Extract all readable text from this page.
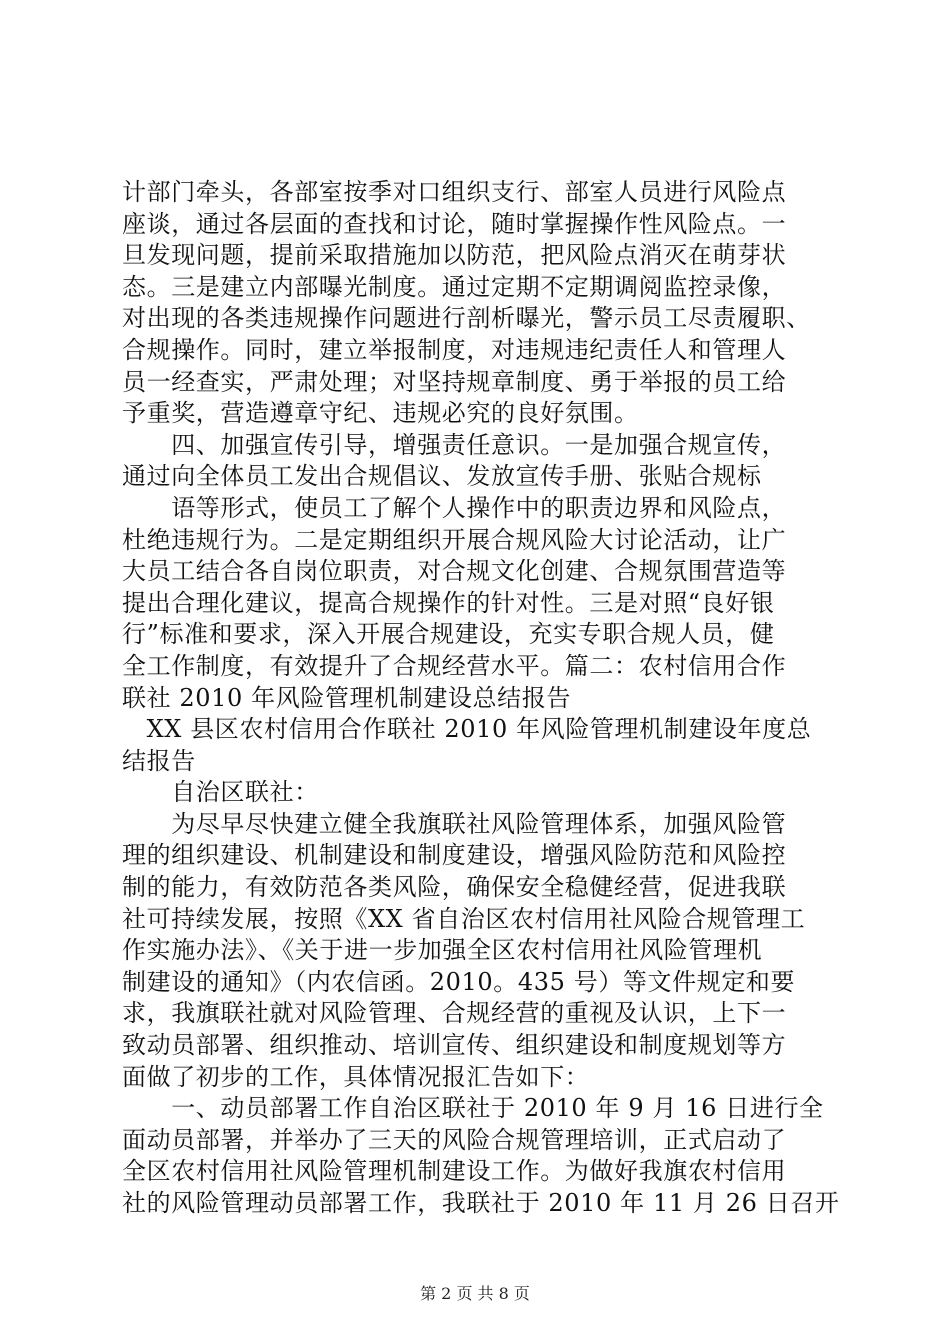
计部门牵头，各部室按季对口组织支行、部室人员进行风险点
座谈，通过各层面的查找和讨论，随时掌握操作性风险点。一
旦发现问题，提前采取措施加以防范，把风险点消灭在萌芽状
态。三是建立内部曝光制度。通过定期不定期调阅监控录像，
对出现的各类违规操作问题进行剖析曝光，警示员工尽责履职、
合规操作。同时，建立举报制度，对违规违纪责任人和管理人
员一经查实，严肃处理；对坚持规章制度、勇于举报的员工给
予重奖，营造遵章守纪、违规必究的良好氛围。
　　四、加强宣传引导，增强责任意识。一是加强合规宣传，
通过向全体员工发出合规倡议、发放宣传手册、张贴合规标
　　语等形式，使员工了解个人操作中的职责边界和风险点，
杜绝违规行为。二是定期组织开展合规风险大讨论活动，让广
大员工结合各自岗位职责，对合规文化创建、合规氛围营造等
提出合理化建议，提高合规操作的针对性。三是对照“良好银
行”标准和要求，深入开展合规建设，充实专职合规人员，健
全工作制度，有效提升了合规经营水平。篇二：农村信用合作
联社 2010 年风险管理机制建设总结报告
　XX 县区农村信用合作联社 2010 年风险管理机制建设年度总
结报告
　　自治区联社：
　　为尽早尽快建立健全我旗联社风险管理体系，加强风险管
理的组织建设、机制建设和制度建设，增强风险防范和风险控
制的能力，有效防范各类风险，确保安全稳健经营，促进我联
社可持续发展，按照《XX 省自治区农村信用社风险合规管理工
作实施办法》、《关于进一步加强全区农村信用社风险管理机
制建设的通知》（内农信函。2010。435 号）等文件规定和要
求，我旗联社就对风险管理、合规经营的重视及认识，上下一
致动员部署、组织推动、培训宣传、组织建设和制度规划等方
面做了初步的工作，具体情况报汇告如下：
　　一、动员部署工作自治区联社于 2010 年 9 月 16 日进行全
面动员部署，并举办了三天的风险合规管理培训，正式启动了
全区农村信用社风险管理机制建设工作。为做好我旗农村信用
社的风险管理动员部署工作，我联社于 2010 年 11 月 26 日召开
第 2 页 共 8 页
